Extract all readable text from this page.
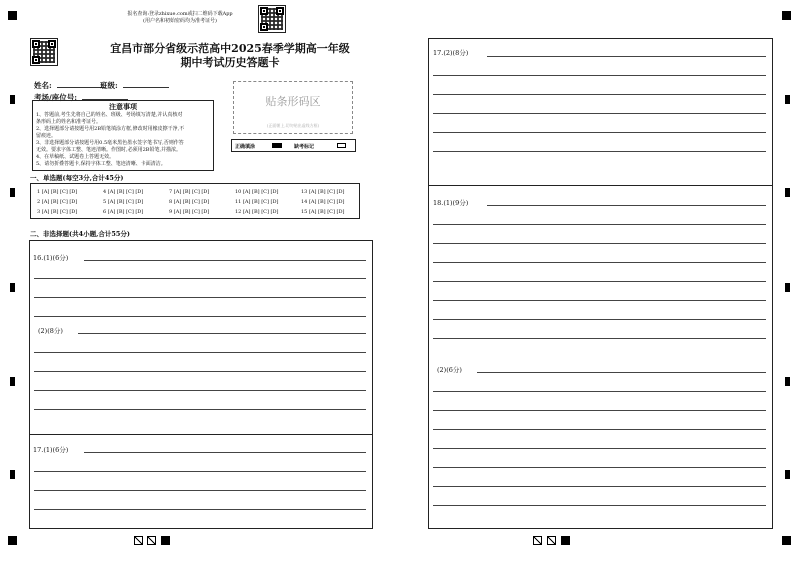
报名查询:登录zhixue.com或扫二维码下载App
(用户名和初始密码均为准考证号)
宜昌市部分省级示范高中2025春季学期高一年级
期中考试历史答题卡
姓名:	班级:
考场/座位号:	贴条形码区
(正面朝上,切勿贴出虚线方框)
正确填涂	缺考标记
注意事项
1、答题前,考生先将自己的姓名、班级、考场填写清楚,并认真核对
条形码上的姓名和准考证号。
2、选择题部分请按题号用2B铅笔填涂方框,修改时用橡皮擦干净,不
留痕迹。
3、非选择题部分请按题号用0.5毫米黑色墨水签字笔书写,否则作答
无效。要求字体工整、笔迹清晰。作图时,必须用2B铅笔,并描浓。
4、在草稿纸、试题卷上答题无效。
5、请勿折叠答题卡,保持字体工整、笔迹清晰、卡面清洁。
一、单选题(每空3分,合计45分)
1 [A] [B] [C] [D]	4 [A] [B] [C] [D]	7 [A] [B] [C] [D]	10 [A] [B] [C] [D]	13 [A] [B] [C] [D]
2 [A] [B] [C] [D]	5 [A] [B] [C] [D]	8 [A] [B] [C] [D]	11 [A] [B] [C] [D]	14 [A] [B] [C] [D]
3 [A] [B] [C] [D]	6 [A] [B] [C] [D]	9 [A] [B] [C] [D]	12 [A] [B] [C] [D]	15 [A] [B] [C] [D]
二、非选择题(共4小题,合计55分)
16.(1)(6分)
(2)(8分)
17.(1)(6分)
17.(2)(8分)
18.(1)(9分)
(2)(6分)
